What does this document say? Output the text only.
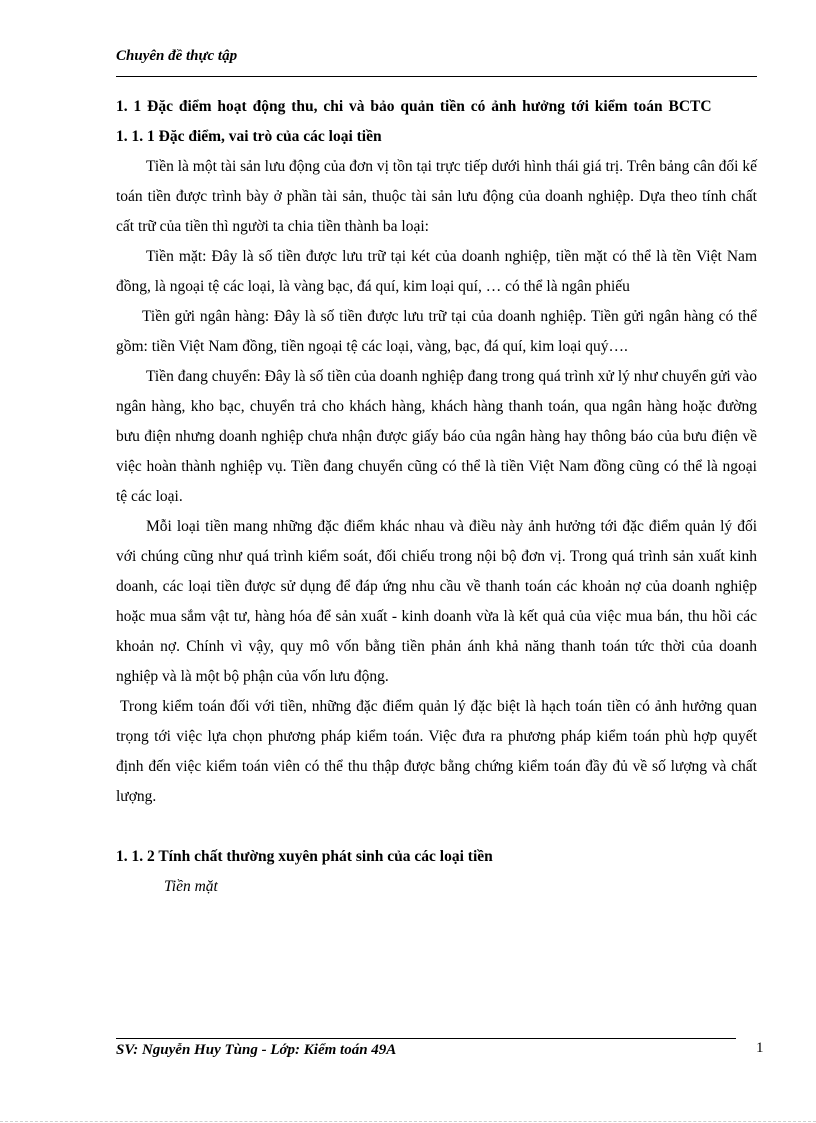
Chuyên đề thực tập

1. 1 Đặc điểm hoạt động thu, chi và bảo quản tiền có ảnh hưởng tới kiểm toán BCTC

1. 1. 1 Đặc điểm, vai trò của các loại tiền

Tiền là một tài sản lưu động của đơn vị tồn tại trực tiếp dưới hình thái giá trị. Trên bảng cân đối kế toán tiền được trình bày ở phần tài sản, thuộc tài sản lưu động của doanh nghiệp. Dựa theo tính chất cất trữ của tiền thì người ta chia tiền thành ba loại:

Tiền mặt: Đây là số tiền được lưu trữ tại két của doanh nghiệp, tiền mặt có thể là tền Việt Nam đồng, là ngoại tệ các loại, là vàng bạc, đá quí, kim loại quí, … có thể là ngân phiếu

Tiền gửi ngân hàng: Đây là số tiền được lưu trữ tại của doanh nghiệp. Tiền gửi ngân hàng có thể gồm: tiền Việt Nam đồng, tiền ngoại tệ các loại, vàng, bạc, đá quí, kim loại quý….

Tiền đang chuyển: Đây là số tiền của doanh nghiệp đang trong quá trình xử lý như chuyển gửi vào ngân hàng, kho bạc, chuyển trả cho khách hàng, khách hàng thanh toán, qua ngân hàng hoặc đường bưu điện nhưng doanh nghiệp chưa nhận được giấy báo của ngân hàng hay thông báo của bưu điện về việc hoàn thành nghiệp vụ. Tiền đang chuyển cũng có thể là tiền Việt Nam đồng cũng có thể là ngoại tệ các loại.

Mỗi loại tiền mang những đặc điểm khác nhau và điều này ảnh hưởng tới đặc điểm quản lý đối với chúng cũng như quá trình kiểm soát, đối chiếu trong nội bộ đơn vị. Trong quá trình sản xuất kinh doanh, các loại tiền được sử dụng để đáp ứng nhu cầu về thanh toán các khoản nợ của doanh nghiệp hoặc mua sắm vật tư, hàng hóa để sản xuất - kinh doanh vừa là kết quả của việc mua bán, thu hồi các khoản nợ. Chính vì vậy, quy mô vốn bằng tiền phản ánh khả năng thanh toán tức thời của doanh nghiệp và là một bộ phận của vốn lưu động.

Trong kiểm toán đối với tiền, những đặc điểm quản lý đặc biệt là hạch toán tiền có ảnh hưởng quan trọng tới việc lựa chọn phương pháp kiểm toán. Việc đưa ra phương pháp kiểm toán phù hợp quyết định đến việc kiểm toán viên có thể thu thập được bằng chứng kiểm toán đầy đủ về số lượng và chất lượng.

1. 1. 2 Tính chất thường xuyên phát sinh của các loại tiền

Tiền mặt

SV: Nguyễn Huy Tùng - Lớp: Kiểm toán 49A	1
